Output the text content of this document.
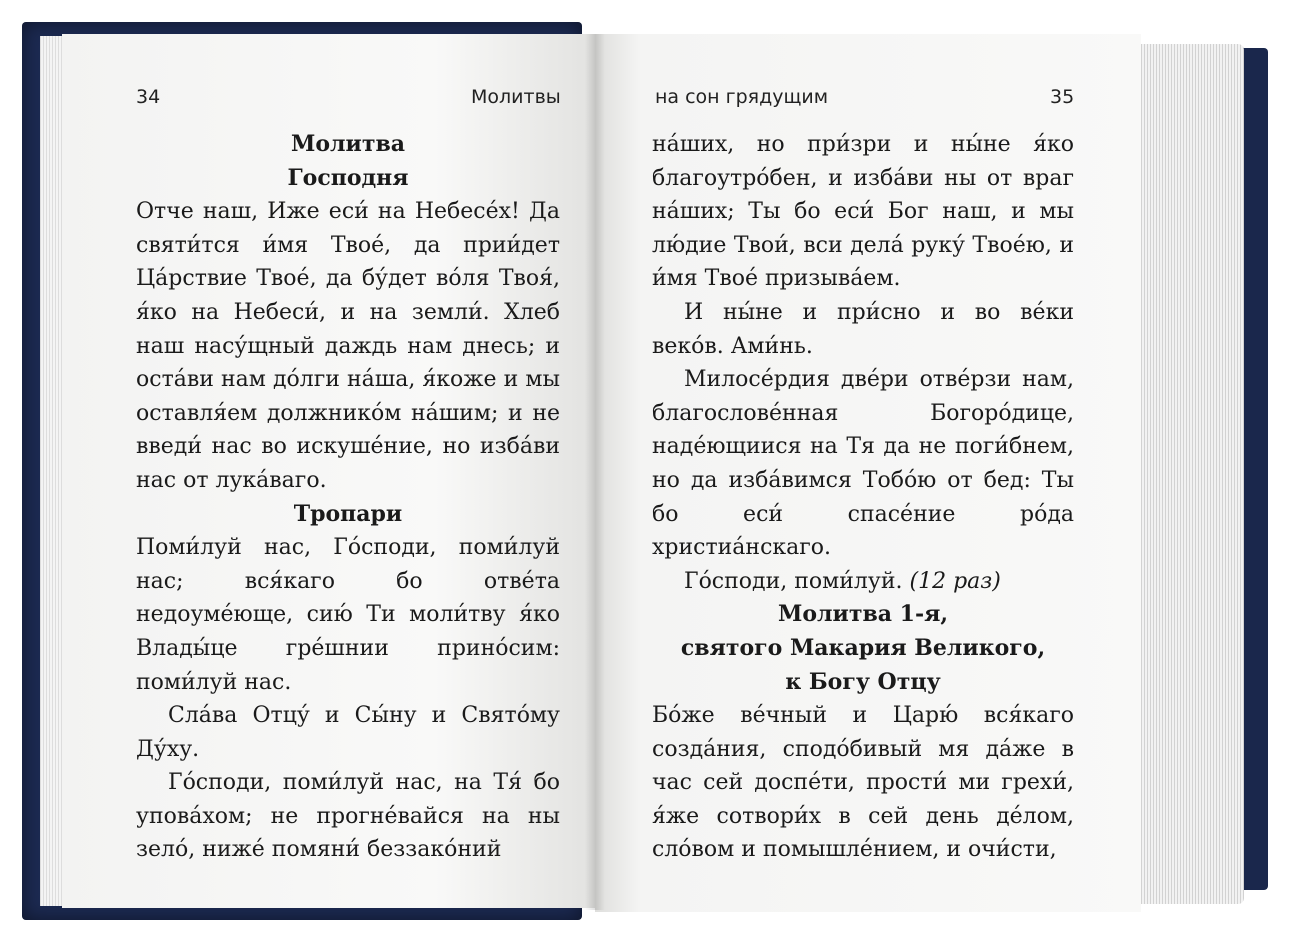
34	Молитвы	на сон грядущим	35

Молитва

Господня

Отче наш, Иже еси́ на Небесе́х! Да святи́тся и́мя Твое́, да прии́дет Ца́рствие Твое́, да бу́дет во́ля Твоя́, я́ко на Небеси́, и на земли́. Хлеб наш насу́щный даждь нам днесь; и оста́ви нам до́лги на́ша, я́коже и мы оставля́ем должнико́м на́шим; и не введи́ нас во искуше́ние, но изба́ви нас от лука́ваго.

Тропари

Поми́луй нас, Го́споди, поми́луй нас; вся́каго бо отве́та недоуме́юще, сию́ Ти моли́тву я́ко Влады́це гре́шнии прино́сим: поми́луй нас.

Сла́ва Отцу́ и Сы́ну и Свято́му Ду́ху.

Го́споди, поми́луй нас, на Тя́ бо упова́хом; не прогне́вайся на ны зело́, ниже́ помяни́ беззако́ний

на́ших, но при́зри и ны́не я́ко благоутро́бен, и изба́ви ны от враг на́ших; Ты бо еси́ Бог наш, и мы лю́дие Твои́, вси дела́ руку́ Твое́ю, и и́мя Твое́ призыва́ем.

И ны́не и при́сно и во ве́ки веко́в. Ами́нь.

Милосе́рдия две́ри отве́рзи нам, благослове́нная Богоро́дице, наде́ющиися на Тя да не поги́бнем, но да изба́вимся Тобо́ю от бед: Ты бо еси́ спасе́ние ро́да христиа́нскаго.

Го́споди, поми́луй. (12 раз)

Молитва 1-я,

святого Макария Великого,

к Богу Отцу

Бо́же ве́чный и Царю́ вся́каго созда́ния, сподо́бивый мя да́же в час сей доспе́ти, прости́ ми грехи́, я́же сотвори́х в сей день де́лом, сло́вом и помышле́нием, и очи́сти,
